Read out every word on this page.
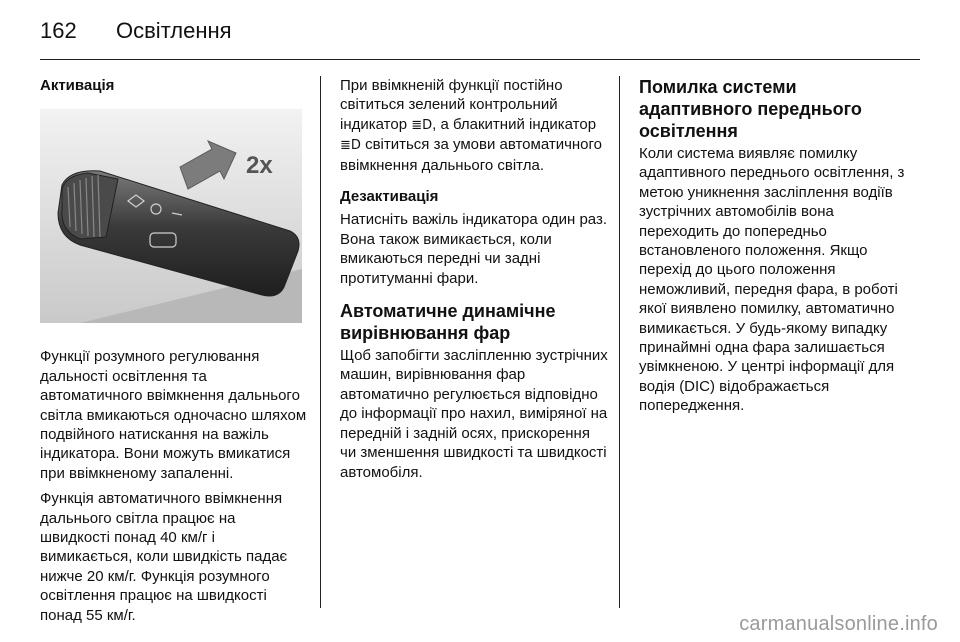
162 Освітлення
Активація
2x

Функції розумного регулювання дальності освітлення та автоматичного ввімкнення дальнього світла вмикаються одночасно шляхом подвійного натискання на важіль індикатора. Вони можуть вмикатися при ввімкненому запаленні.

Функція автоматичного ввімкнення дальнього світла працює на швидкості понад 40 км/г і вимикається, коли швидкість падає нижче 20 км/г. Функція розумного освітлення працює на швидкості понад 55 км/г.

При ввімкненій функції постійно світиться зелений контрольний індикатор ≣D, а блакитний індикатор ≣D світиться за умови автоматичного ввімкнення дальнього світла.

Дезактивація

Натисніть важіль індикатора один раз. Вона також вимикається, коли вмикаються передні чи задні протитуманні фари.

Автоматичне динамічне вирівнювання фар

Щоб запобігти засліпленню зустрічних машин, вирівнювання фар автоматично регулюється відповідно до інформації про нахил, виміряної на передній і задній осях, прискорення чи зменшення швидкості та швидкості автомобіля.

Помилка системи адаптивного переднього освітлення

Коли система виявляє помилку адаптивного переднього освітлення, з метою уникнення засліплення водіїв зустрічних автомобілів вона переходить до попередньо встановленого положення. Якщо перехід до цього положення неможливий, передня фара, в роботі якої виявлено помилку, автоматично вимикається. У будь-якому випадку принаймні одна фара залишається увімкненою. У центрі інформації для водія (DIC) відображається попередження.

carmanualsonline.info
